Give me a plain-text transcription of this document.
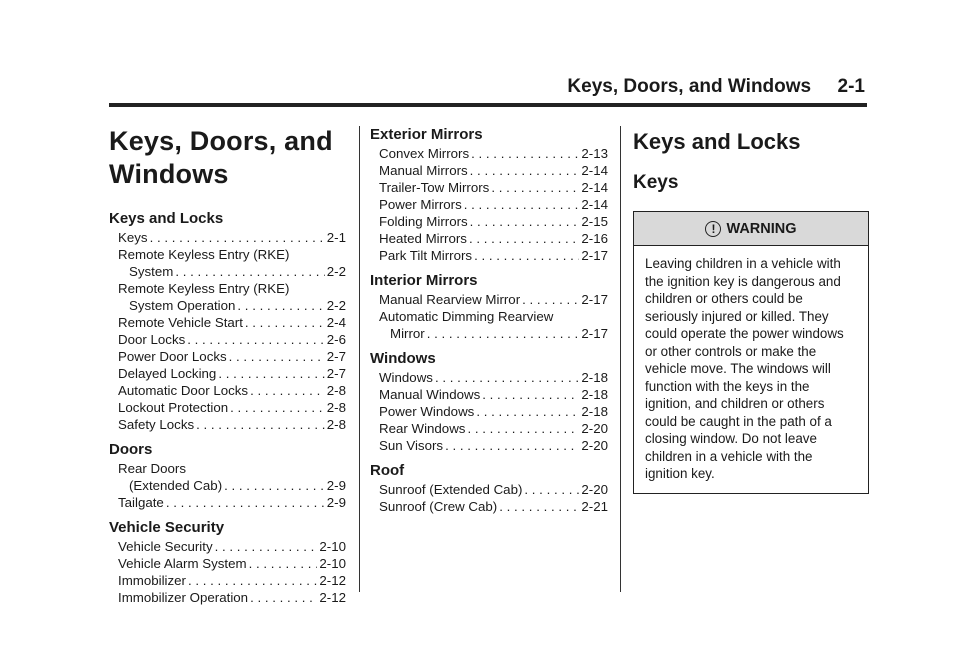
Keys, Doors, and Windows 2-1
Keys, Doors, and
Windows
Keys and Locks
Keys . . .	2-1
Remote Keyless Entry (RKE)
System . . .	2-2
Remote Keyless Entry (RKE)
System Operation . . .	2-2
Remote Vehicle Start . . .	2-4
Door Locks . . .	2-6
Power Door Locks . . .	2-7
Delayed Locking . . .	2-7
Automatic Door Locks . . .	2-8
Lockout Protection . . .	2-8
Safety Locks . . .	2-8
Doors
Rear Doors
(Extended Cab) . . .	2-9
Tailgate . . .	2-9
Vehicle Security
Vehicle Security . . .	2-10
Vehicle Alarm System . . .	2-10
Immobilizer . . .	2-12
Immobilizer Operation . . .	2-12
Exterior Mirrors
Convex Mirrors . . .	2-13
Manual Mirrors . . .	2-14
Trailer-Tow Mirrors . . .	2-14
Power Mirrors . . .	2-14
Folding Mirrors . . .	2-15
Heated Mirrors . . .	2-16
Park Tilt Mirrors . . .	2-17
Interior Mirrors
Manual Rearview Mirror . . .	2-17
Automatic Dimming Rearview
Mirror . . .	2-17
Windows
Windows . . .	2-18
Manual Windows . . .	2-18
Power Windows . . .	2-18
Rear Windows . . .	2-20
Sun Visors . . .	2-20
Roof
Sunroof (Extended Cab) . . .	2-20
Sunroof (Crew Cab) . . .	2-21
Keys and Locks
Keys
! WARNING
Leaving children in a vehicle with
the ignition key is dangerous and
children or others could be
seriously injured or killed. They
could operate the power windows
or other controls or make the
vehicle move. The windows will
function with the keys in the
ignition, and children or others
could be caught in the path of a
closing window. Do not leave
children in a vehicle with the
ignition key.
